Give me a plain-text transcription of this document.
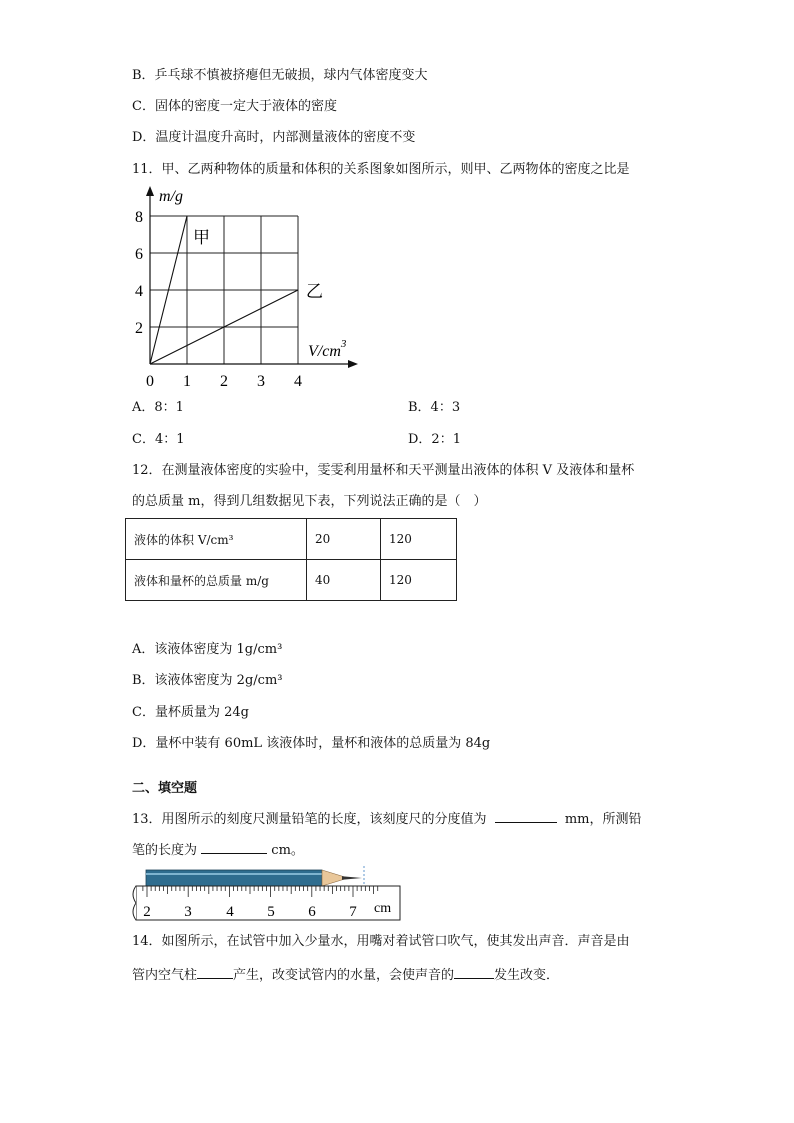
B．乒乓球不慎被挤瘪但无破损，球内气体密度变大
C．固体的密度一定大于液体的密度
D．温度计温度升高时，内部测量液体的密度不变
11．甲、乙两种物体的质量和体积的关系图象如图所示，则甲、乙两物体的密度之比是
m/g
$V/cm^3$
0 1 2 3 4
2
4
6
8
甲
乙
A．8：1	B．4：3
C．4：1	D．2：1
12．在测量液体密度的实验中，雯雯利用量杯和天平测量出液体的体积 V 及液体和量杯
的总质量 m，得到几组数据见下表，下列说法正确的是（　）
液体的体积 V/cm³	20	120
液体和量杯的总质量 m/g	40	120
A．该液体密度为 1g/cm³
B．该液体密度为 2g/cm³
C．量杯质量为 24g
D．量杯中装有 60mL 该液体时，量杯和液体的总质量为 84g
二、填空题
13．用图所示的刻度尺测量铅笔的长度，该刻度尺的分度值为	mm，所测铅
笔的长度为	cm。
2 3 4 5 6 7 cm
14．如图所示，在试管中加入少量水，用嘴对着试管口吹气，使其发出声音．声音是由
管内空气柱	产生，改变试管内的水量，会使声音的	发生改变．
